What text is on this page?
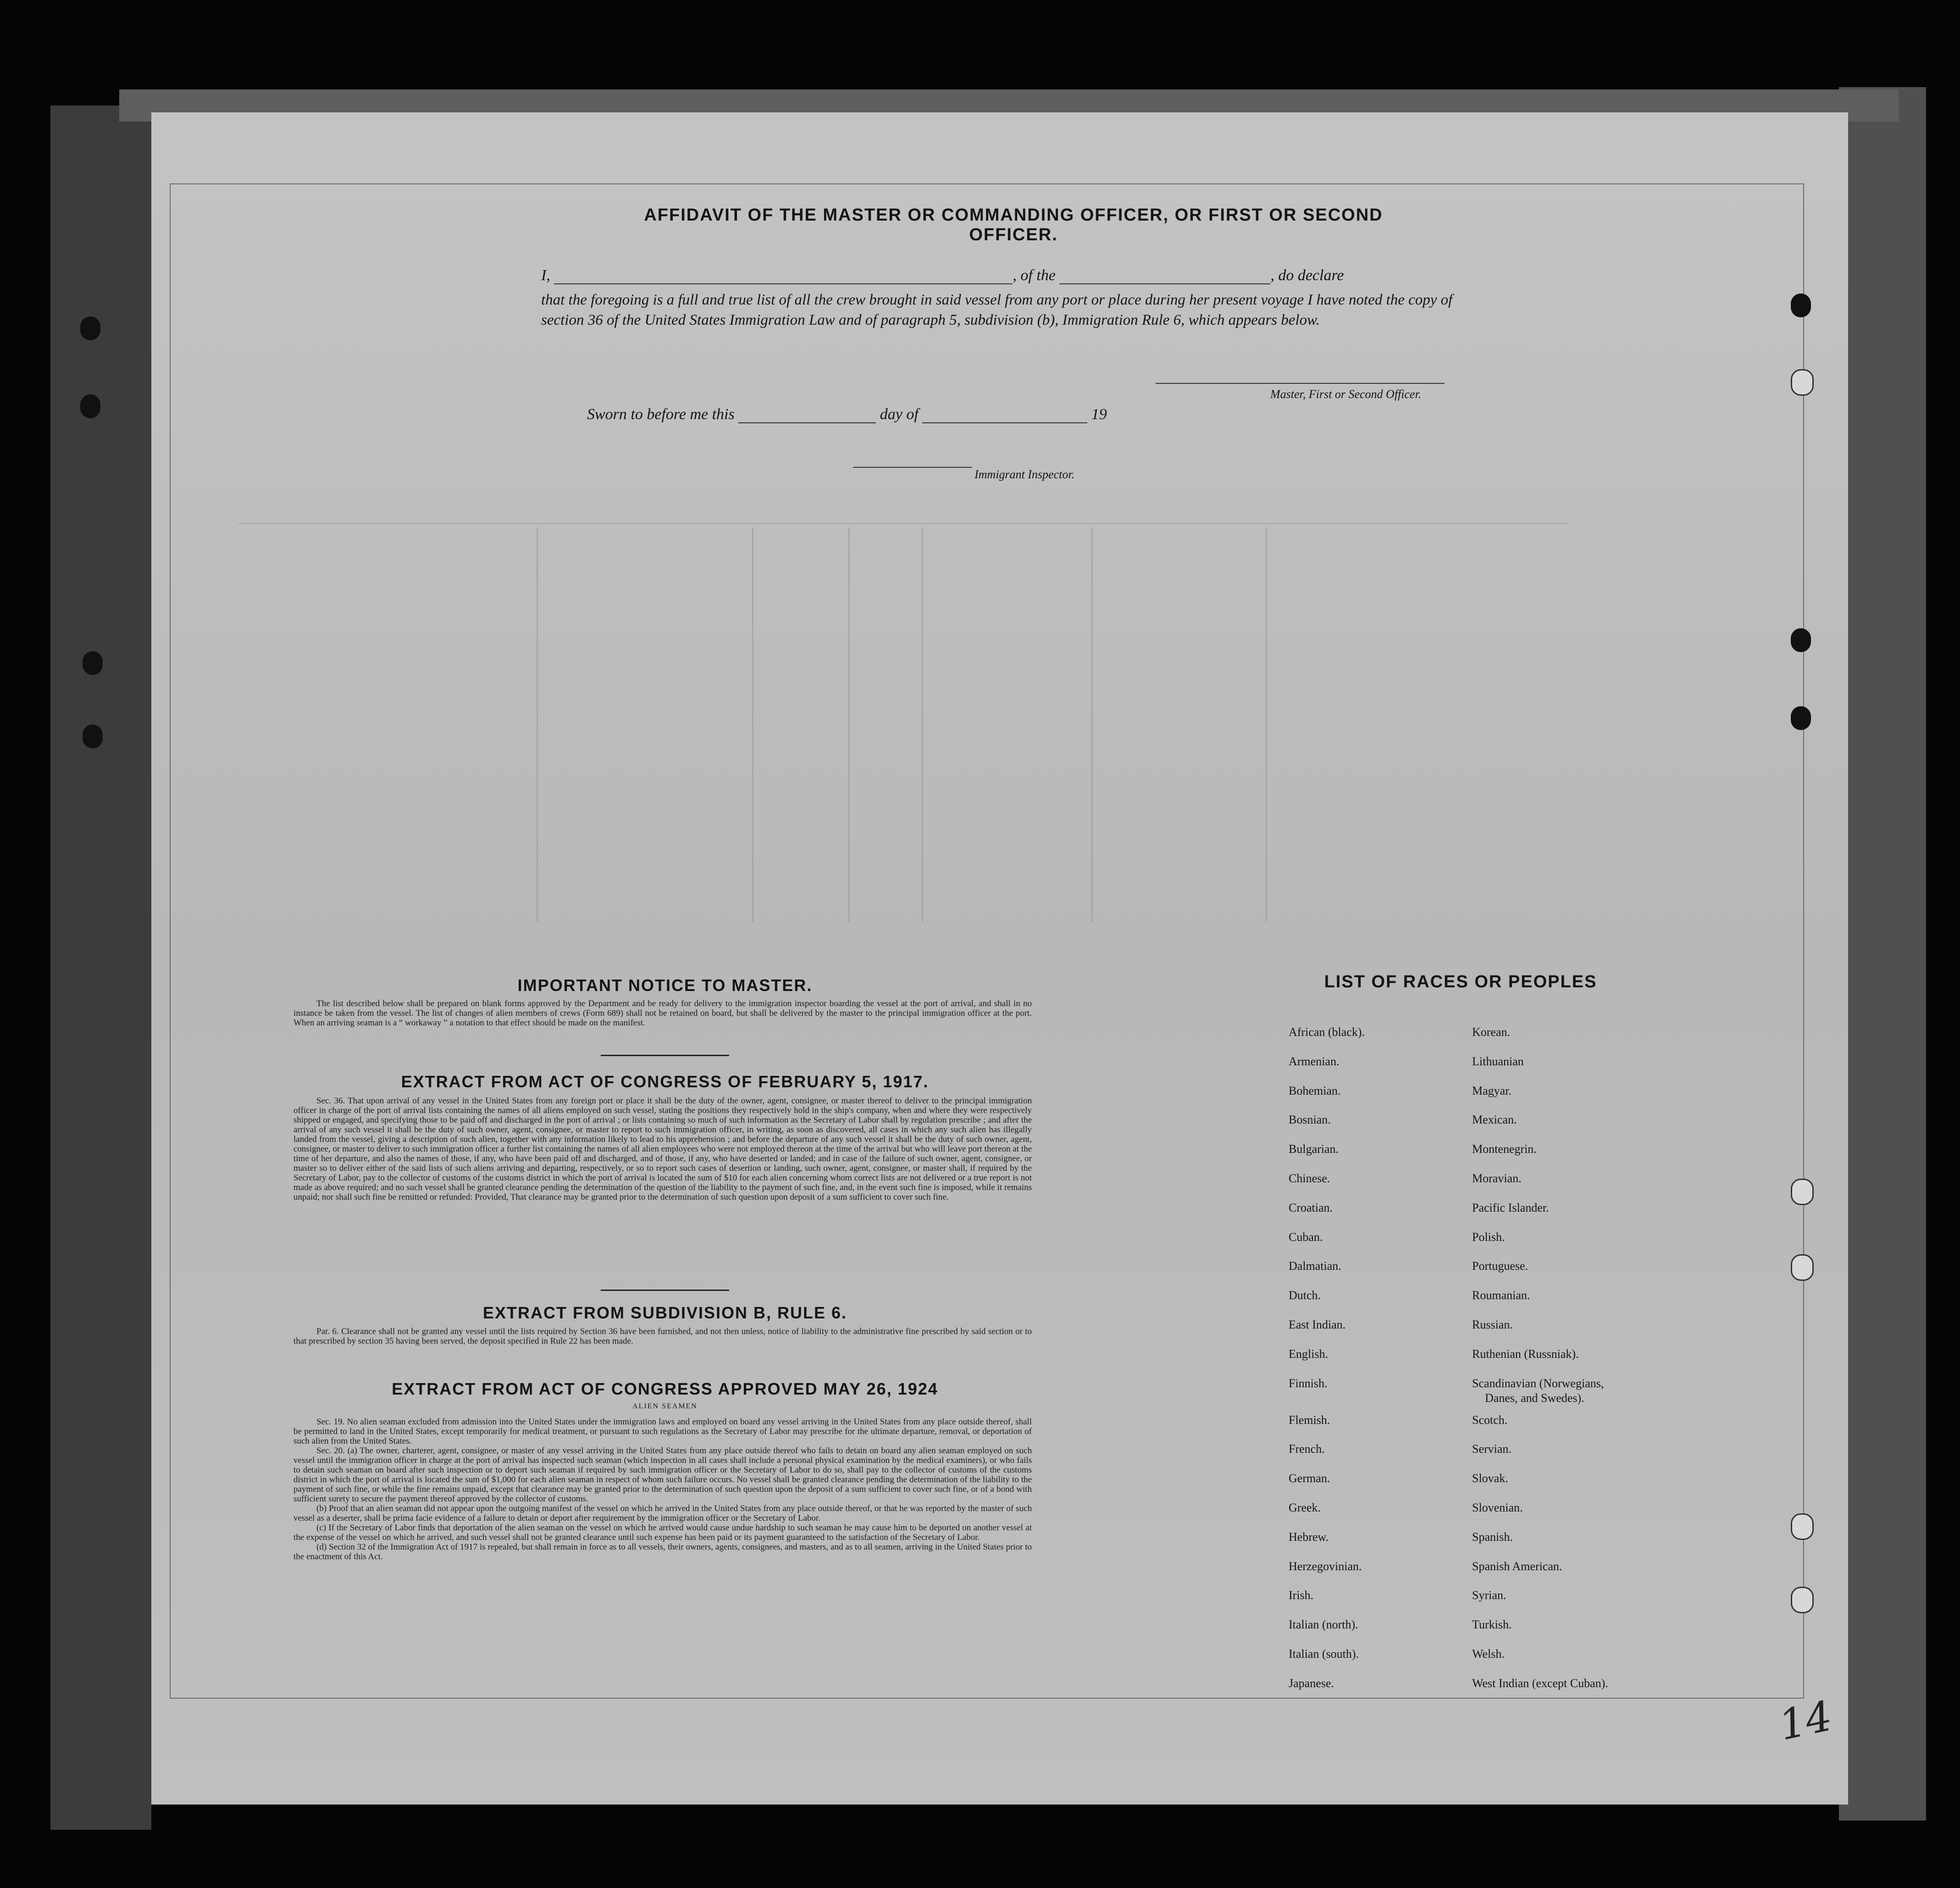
AFFIDAVIT OF THE MASTER OR COMMANDING OFFICER, OR FIRST OR SECOND OFFICER.
I,	, of the	, do declare
that the foregoing is a full and true list of all the crew brought in said vessel from any port or place during her present voyage I have noted the copy of section 36 of the United States Immigration Law and of paragraph 5, subdivision (b), Immigration Rule 6, which appears below.
Master, First or Second Officer.
Sworn to before me this	day of	19
Immigrant Inspector.
IMPORTANT NOTICE TO MASTER.

The list described below shall be prepared on blank forms approved by the Department and be ready for delivery to the immigration inspector boarding the vessel at the port of arrival, and shall in no instance be taken from the vessel. The list of changes of alien members of crews (Form 689) shall not be retained on board, but shall be delivered by the master to the principal immigration officer at the port. When an arriving seaman is a “ workaway ” a notation to that effect should be made on the manifest.

EXTRACT FROM ACT OF CONGRESS OF FEBRUARY 5, 1917.

Sec. 36. That upon arrival of any vessel in the United States from any foreign port or place it shall be the duty of the owner, agent, consignee, or master thereof to deliver to the principal immigration officer in charge of the port of arrival lists containing the names of all aliens employed on such vessel, stating the positions they respectively hold in the ship's company, when and where they were respectively shipped or engaged, and specifying those to be paid off and discharged in the port of arrival ; or lists containing so much of such information as the Secretary of Labor shall by regulation prescribe ; and after the arrival of any such vessel it shall be the duty of such owner, agent, consignee, or master to report to such immigration officer, in writing, as soon as discovered, all cases in which any such alien has illegally landed from the vessel, giving a description of such alien, together with any information likely to lead to his apprehension ; and before the departure of any such vessel it shall be the duty of such owner, agent, consignee, or master to deliver to such immigration officer a further list containing the names of all alien employees who were not employed thereon at the time of the arrival but who will leave port thereon at the time of her departure, and also the names of those, if any, who have been paid off and discharged, and of those, if any, who have deserted or landed; and in case of the failure of such owner, agent, consignee, or master so to deliver either of the said lists of such aliens arriving and departing, respectively, or so to report such cases of desertion or landing, such owner, agent, consignee, or master shall, if required by the Secretary of Labor, pay to the collector of customs of the customs district in which the port of arrival is located the sum of $10 for each alien concerning whom correct lists are not delivered or a true report is not made as above required; and no such vessel shall be granted clearance pending the determination of the question of the liability to the payment of such fine, and, in the event such fine is imposed, while it remains unpaid; nor shall such fine be remitted or refunded: Provided, That clearance may be granted prior to the determination of such question upon deposit of a sum sufficient to cover such fine.

EXTRACT FROM SUBDIVISION B, RULE 6.

Par. 6. Clearance shall not be granted any vessel until the lists required by Section 36 have been furnished, and not then unless, notice of liability to the administrative fine prescribed by said section or to that prescribed by section 35 having been served, the deposit specified in Rule 22 has been made.

EXTRACT FROM ACT OF CONGRESS APPROVED MAY 26, 1924
ALIEN SEAMEN

Sec. 19. No alien seaman excluded from admission into the United States under the immigration laws and employed on board any vessel arriving in the United States from any place outside thereof, shall be permitted to land in the United States, except temporarily for medical treatment, or pursuant to such regulations as the Secretary of Labor may prescribe for the ultimate departure, removal, or deportation of such alien from the United States.

Sec. 20. (a) The owner, charterer, agent, consignee, or master of any vessel arriving in the United States from any place outside thereof who fails to detain on board any alien seaman employed on such vessel until the immigration officer in charge at the port of arrival has inspected such seaman (which inspection in all cases shall include a personal physical examination by the medical examiners), or who fails to detain such seaman on board after such inspection or to deport such seaman if required by such immigration officer or the Secretary of Labor to do so, shall pay to the collector of customs of the customs district in which the port of arrival is located the sum of $1,000 for each alien seaman in respect of whom such failure occurs. No vessel shall be granted clearance pending the determination of the liability to the payment of such fine, or while the fine remains unpaid, except that clearance may be granted prior to the determination of such question upon the deposit of a sum sufficient to cover such fine, or of a bond with sufficient surety to secure the payment thereof approved by the collector of customs.

(b) Proof that an alien seaman did not appear upon the outgoing manifest of the vessel on which he arrived in the United States from any place outside thereof, or that he was reported by the master of such vessel as a deserter, shall be prima facie evidence of a failure to detain or deport after requirement by the immigration officer or the Secretary of Labor.

(c) If the Secretary of Labor finds that deportation of the alien seaman on the vessel on which he arrived would cause undue hardship to such seaman he may cause him to be deported on another vessel at the expense of the vessel on which he arrived, and such vessel shall not be granted clearance until such expense has been paid or its payment guaranteed to the satisfaction of the Secretary of Labor.

(d) Section 32 of the Immigration Act of 1917 is repealed, but shall remain in force as to all vessels, their owners, agents, consignees, and masters, and as to all seamen, arriving in the United States prior to the enactment of this Act.

LIST OF RACES OR PEOPLES
African (black).
Armenian.
Bohemian.
Bosnian.
Bulgarian.
Chinese.
Croatian.
Cuban.
Dalmatian.
Dutch.
East Indian.
English.
Finnish.
Flemish.
French.
German.
Greek.
Hebrew.
Herzegovinian.
Irish.
Italian (north).
Italian (south).
Japanese.
Korean.
Lithuanian
Magyar.
Mexican.
Montenegrin.
Moravian.
Pacific Islander.
Polish.
Portuguese.
Roumanian.
Russian.
Ruthenian (Russniak).
Scandinavian (Norwegians,
Danes, and Swedes).
Scotch.
Servian.
Slovak.
Slovenian.
Spanish.
Spanish American.
Syrian.
Turkish.
Welsh.
West Indian (except Cuban).
14
